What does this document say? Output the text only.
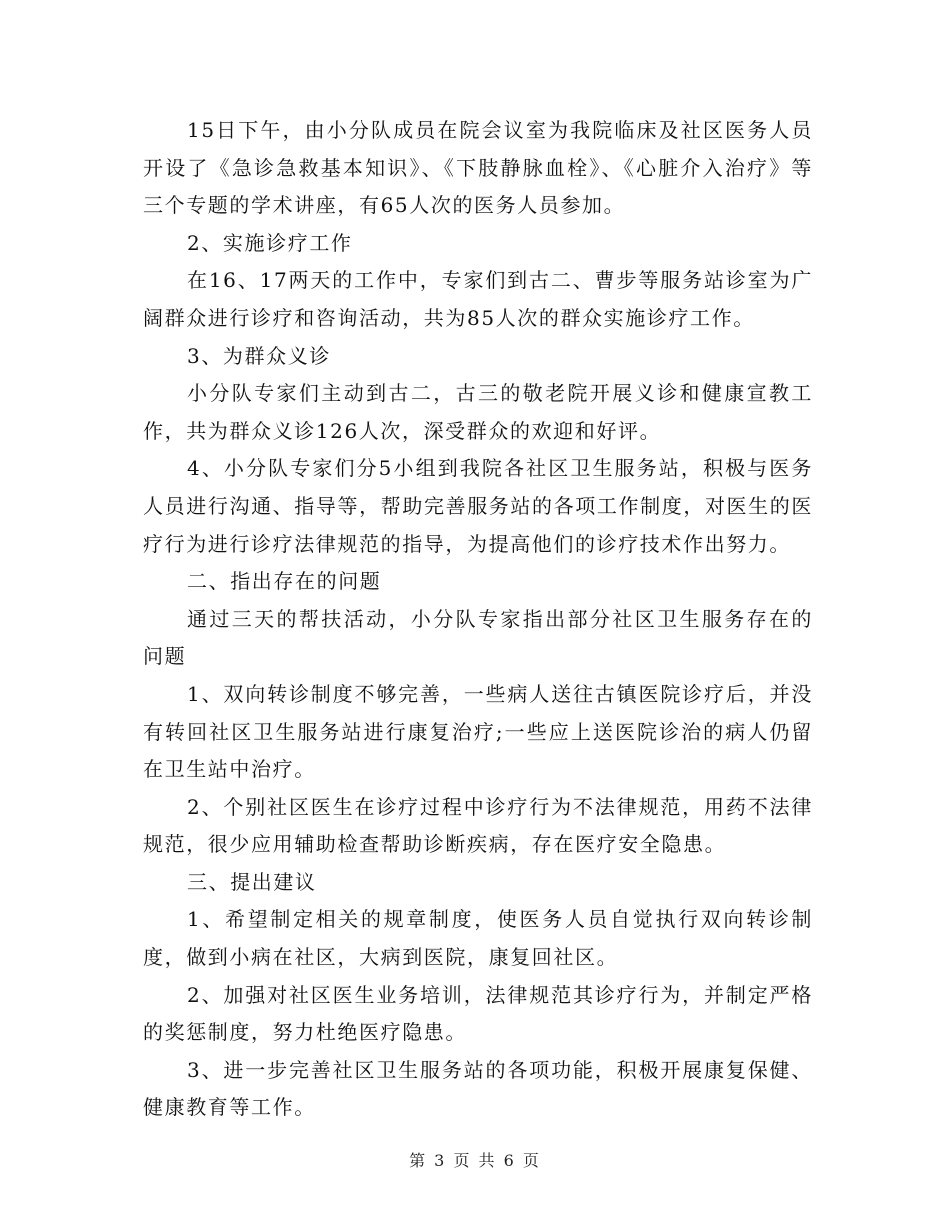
15日下午，由小分队成员在院会议室为我院临床及社区医务人员开设了《急诊急救基本知识》、《下肢静脉血栓》、《心脏介入治疗》等三个专题的学术讲座，有65人次的医务人员参加。

2、实施诊疗工作

在16、17两天的工作中，专家们到古二、曹步等服务站诊室为广阔群众进行诊疗和咨询活动，共为85人次的群众实施诊疗工作。

3、为群众义诊

小分队专家们主动到古二，古三的敬老院开展义诊和健康宣教工作，共为群众义诊126人次，深受群众的欢迎和好评。

4、小分队专家们分5小组到我院各社区卫生服务站，积极与医务人员进行沟通、指导等，帮助完善服务站的各项工作制度，对医生的医疗行为进行诊疗法律规范的指导，为提高他们的诊疗技术作出努力。

二、指出存在的问题

通过三天的帮扶活动，小分队专家指出部分社区卫生服务存在的问题

1、双向转诊制度不够完善，一些病人送往古镇医院诊疗后，并没有转回社区卫生服务站进行康复治疗;一些应上送医院诊治的病人仍留在卫生站中治疗。

2、个别社区医生在诊疗过程中诊疗行为不法律规范，用药不法律规范，很少应用辅助检查帮助诊断疾病，存在医疗安全隐患。

三、提出建议

1、希望制定相关的规章制度，使医务人员自觉执行双向转诊制度，做到小病在社区，大病到医院，康复回社区。

2、加强对社区医生业务培训，法律规范其诊疗行为，并制定严格的奖惩制度，努力杜绝医疗隐患。

3、进一步完善社区卫生服务站的各项功能，积极开展康复保健、健康教育等工作。

第 3 页 共 6 页
